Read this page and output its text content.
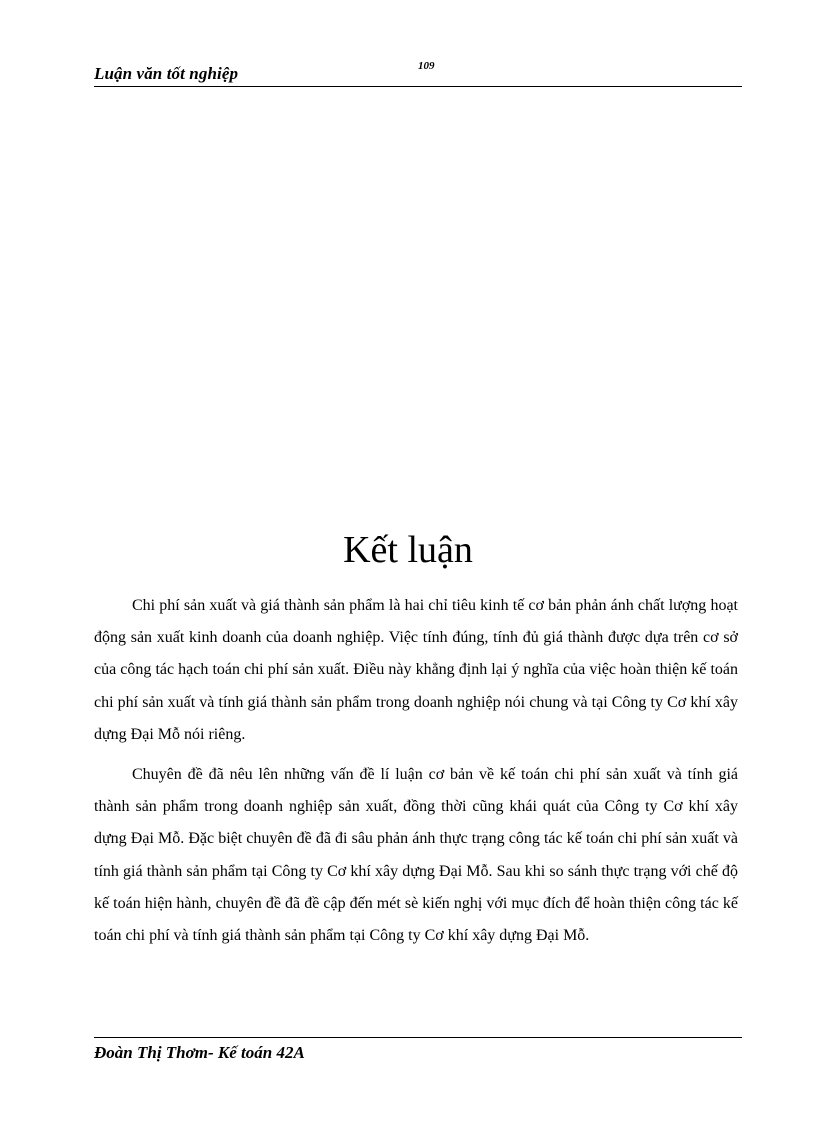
Luận văn tốt nghiệp	109
Kết luận

Chi phí sản xuất và giá thành sản phẩm là hai chỉ tiêu kinh tế cơ bản phản ánh chất lượng hoạt động sản xuất kinh doanh của doanh nghiệp. Việc tính đúng, tính đủ giá thành được dựa trên cơ sở của công tác hạch toán chi phí sản xuất. Điều này khẳng định lại ý nghĩa của việc hoàn thiện kế toán chi phí sản xuất và tính giá thành sản phẩm trong doanh nghiệp nói chung và tại Công ty Cơ khí xây dựng Đại Mỗ nói riêng.

Chuyên đề đã nêu lên những vấn đề lí luận cơ bản về kế toán chi phí sản xuất và tính giá thành sản phẩm trong doanh nghiệp sản xuất, đồng thời cũng khái quát của Công ty Cơ khí xây dựng Đại Mỗ. Đặc biệt chuyên đề đã đi sâu phản ánh thực trạng công tác kế toán chi phí sản xuất và tính giá thành sản phẩm tại Công ty Cơ khí xây dựng Đại Mỗ. Sau khi so sánh thực trạng với chế độ kế toán hiện hành, chuyên đề đã đề cập đến mét sè kiến nghị với mục đích để hoàn thiện công tác kế toán chi phí và tính giá thành sản phẩm tại Công ty Cơ khí xây dựng Đại Mỗ.

Đoàn Thị Thơm- Kế toán 42A
